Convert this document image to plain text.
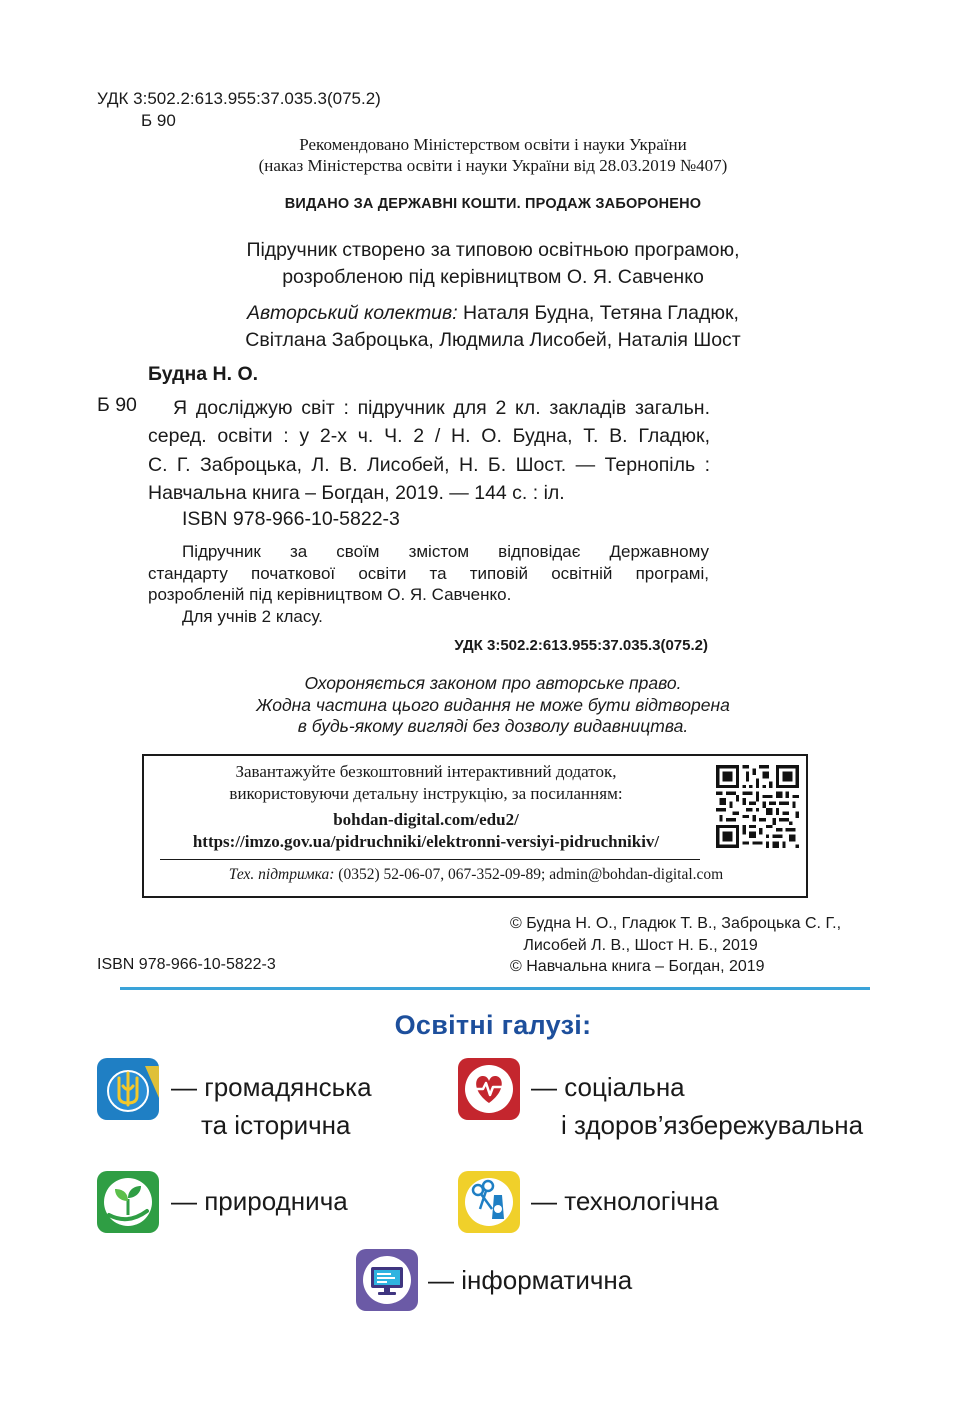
УДК 3:502.2:613.955:37.035.3(075.2)
Б 90
Рекомендовано Міністерством освіти і науки України
(наказ Міністерства освіти і науки України від 28.03.2019 №407)
ВИДАНО ЗА ДЕРЖАВНІ КОШТИ. ПРОДАЖ ЗАБОРОНЕНО
Підручник створено за типовою освітньою програмою,
розробленою під керівництвом О. Я. Савченко
Авторський колектив: Наталя Будна, Тетяна Гладюк,
Світлана Заброцька, Людмила Лисобей, Наталія Шост
Будна Н. О.
Б 90	Я досліджую світ : підручник для 2 кл. закладів загальн.
серед. освіти : у 2-х ч. Ч. 2 / Н. О. Будна, Т. В. Гладюк,
С. Г. Заброцька, Л. В. Лисобей, Н. Б. Шост. — Тернопіль :
Навчальна книга – Богдан, 2019. — 144 с. : іл.
ISBN 978-966-10-5822-3
Підручник за своїм змістом відповідає Державному
стандарту початкової освіти та типовій освітній програмі,
розробленій під керівництвом О. Я. Савченко.
Для учнів 2 класу.
УДК 3:502.2:613.955:37.035.3(075.2)
Охороняється законом про авторське право.
Жодна частина цього видання не може бути відтворена
в будь-якому вигляді без дозволу видавництва.
Завантажуйте безкоштовний інтерактивний додаток,
використовуючи детальну інструкцію, за посиланням:
bohdan-digital.com/edu2/
https://imzo.gov.ua/pidruchniki/elektronni-versiyi-pidruchnikiv/
Тех. підтримка: (0352) 52-06-07, 067-352-09-89; admin@bohdan-digital.com
© Будна Н. О., Гладюк Т. В., Заброцька С. Г.,
Лисобей Л. В., Шост Н. Б., 2019
© Навчальна книга – Богдан, 2019
ISBN 978-966-10-5822-3
Освітні галузі:
— громадянська
та історична
— соціальна
і здоров’язбережувальна
— природнича	— технологічна
— інформатична
